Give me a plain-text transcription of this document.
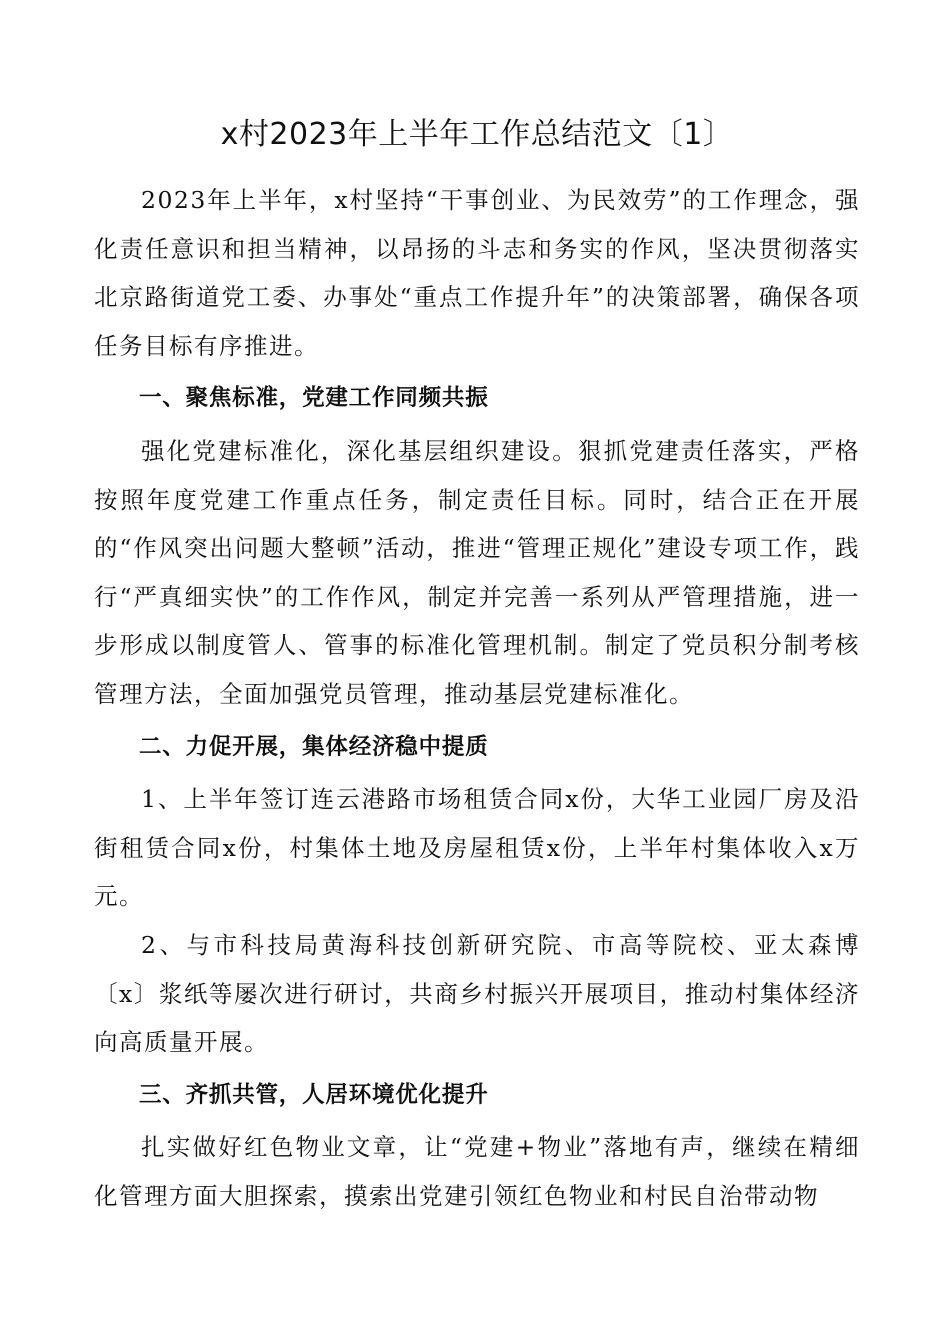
x村2023年上半年工作总结范文〔1〕

2023年上半年，x村坚持“干事创业、为民效劳”的工作理念，强化责任意识和担当精神，以昂扬的斗志和务实的作风，坚决贯彻落实北京路街道党工委、办事处“重点工作提升年”的决策部署，确保各项任务目标有序推进。

一、聚焦标准，党建工作同频共振

强化党建标准化，深化基层组织建设。狠抓党建责任落实，严格按照年度党建工作重点任务，制定责任目标。同时，结合正在开展的“作风突出问题大整顿”活动，推进“管理正规化”建设专项工作，践行“严真细实快”的工作作风，制定并完善一系列从严管理措施，进一步形成以制度管人、管事的标准化管理机制。制定了党员积分制考核管理方法，全面加强党员管理，推动基层党建标准化。

二、力促开展，集体经济稳中提质

1、上半年签订连云港路市场租赁合同x份，大华工业园厂房及沿街租赁合同x份，村集体土地及房屋租赁x份，上半年村集体收入x万元。

2、与市科技局黄海科技创新研究院、市高等院校、亚太森博〔x〕浆纸等屡次进行研讨，共商乡村振兴开展项目，推动村集体经济向高质量开展。

三、齐抓共管，人居环境优化提升

扎实做好红色物业文章，让“党建+物业”落地有声，继续在精细化管理方面大胆探索，摸索出党建引领红色物业和村民自治带动物
